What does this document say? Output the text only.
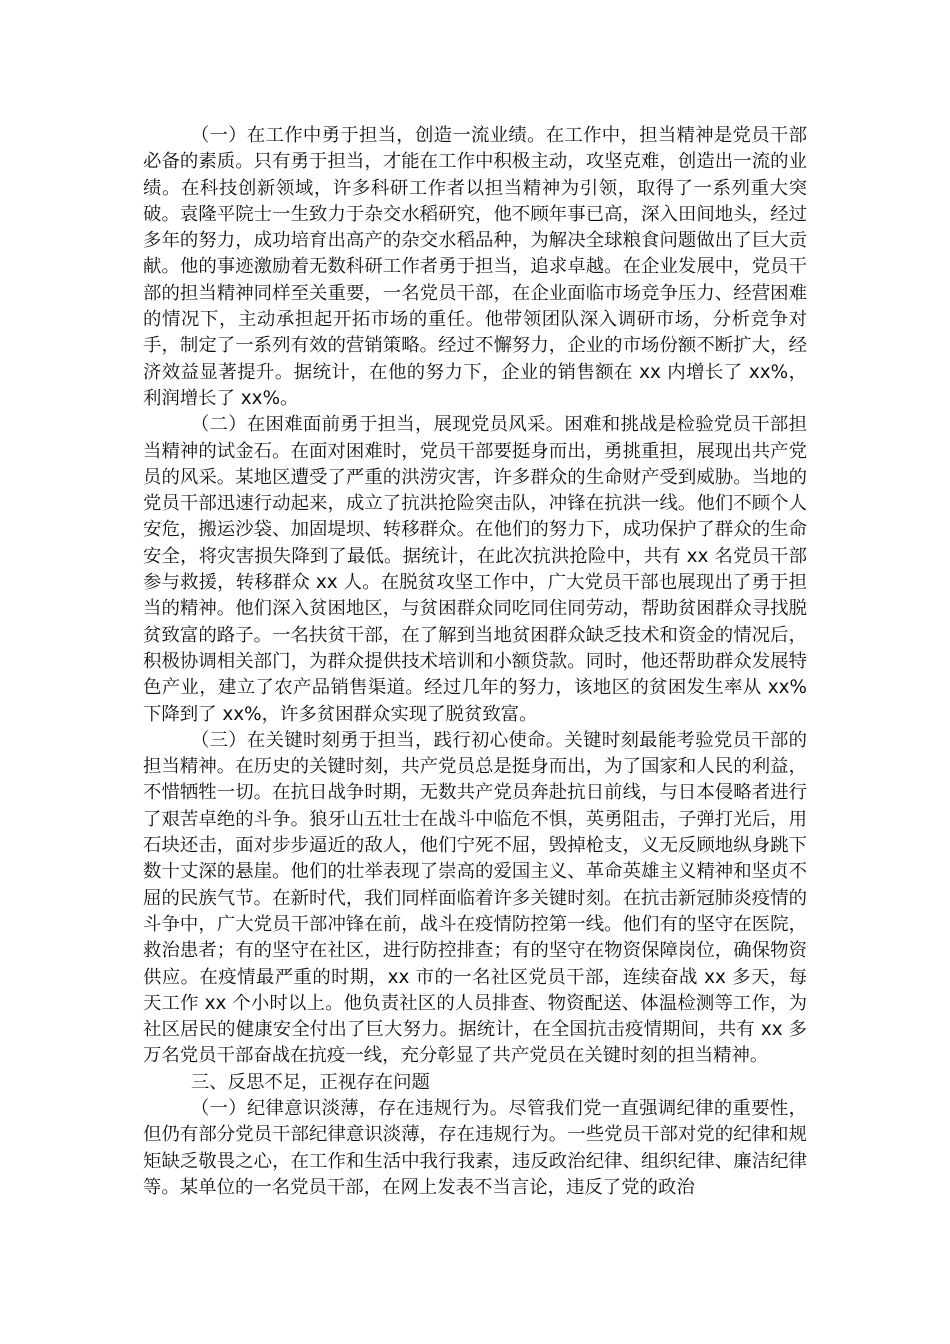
（一）在工作中勇于担当，创造一流业绩。在工作中，担当精神是党员干部必备的素质。只有勇于担当，才能在工作中积极主动，攻坚克难，创造出一流的业绩。在科技创新领域，许多科研工作者以担当精神为引领，取得了一系列重大突破。袁隆平院士一生致力于杂交水稻研究，他不顾年事已高，深入田间地头，经过多年的努力，成功培育出高产的杂交水稻品种，为解决全球粮食问题做出了巨大贡献。他的事迹激励着无数科研工作者勇于担当，追求卓越。在企业发展中，党员干部的担当精神同样至关重要，一名党员干部，在企业面临市场竞争压力、经营困难的情况下，主动承担起开拓市场的重任。他带领团队深入调研市场，分析竞争对手，制定了一系列有效的营销策略。经过不懈努力，企业的市场份额不断扩大，经济效益显著提升。据统计，在他的努力下，企业的销售额在 xx 内增长了 xx%，利润增长了 xx%。

（二）在困难面前勇于担当，展现党员风采。困难和挑战是检验党员干部担当精神的试金石。在面对困难时，党员干部要挺身而出，勇挑重担，展现出共产党员的风采。某地区遭受了严重的洪涝灾害，许多群众的生命财产受到威胁。当地的党员干部迅速行动起来，成立了抗洪抢险突击队，冲锋在抗洪一线。他们不顾个人安危，搬运沙袋、加固堤坝、转移群众。在他们的努力下，成功保护了群众的生命安全，将灾害损失降到了最低。据统计，在此次抗洪抢险中，共有 xx 名党员干部参与救援，转移群众 xx 人。在脱贫攻坚工作中，广大党员干部也展现出了勇于担当的精神。他们深入贫困地区，与贫困群众同吃同住同劳动，帮助贫困群众寻找脱贫致富的路子。一名扶贫干部，在了解到当地贫困群众缺乏技术和资金的情况后，积极协调相关部门，为群众提供技术培训和小额贷款。同时，他还帮助群众发展特色产业，建立了农产品销售渠道。经过几年的努力，该地区的贫困发生率从 xx%下降到了 xx%，许多贫困群众实现了脱贫致富。

（三）在关键时刻勇于担当，践行初心使命。关键时刻最能考验党员干部的担当精神。在历史的关键时刻，共产党员总是挺身而出，为了国家和人民的利益，不惜牺牲一切。在抗日战争时期，无数共产党员奔赴抗日前线，与日本侵略者进行了艰苦卓绝的斗争。狼牙山五壮士在战斗中临危不惧，英勇阻击，子弹打光后，用石块还击，面对步步逼近的敌人，他们宁死不屈，毁掉枪支，义无反顾地纵身跳下数十丈深的悬崖。他们的壮举表现了崇高的爱国主义、革命英雄主义精神和坚贞不屈的民族气节。在新时代，我们同样面临着许多关键时刻。在抗击新冠肺炎疫情的斗争中，广大党员干部冲锋在前，战斗在疫情防控第一线。他们有的坚守在医院，救治患者；有的坚守在社区，进行防控排查；有的坚守在物资保障岗位，确保物资供应。在疫情最严重的时期，xx 市的一名社区党员干部，连续奋战 xx 多天，每天工作 xx 个小时以上。他负责社区的人员排查、物资配送、体温检测等工作，为社区居民的健康安全付出了巨大努力。据统计，在全国抗击疫情期间，共有 xx 多万名党员干部奋战在抗疫一线，充分彰显了共产党员在关键时刻的担当精神。

三、反思不足，正视存在问题

（一）纪律意识淡薄，存在违规行为。尽管我们党一直强调纪律的重要性，但仍有部分党员干部纪律意识淡薄，存在违规行为。一些党员干部对党的纪律和规矩缺乏敬畏之心，在工作和生活中我行我素，违反政治纪律、组织纪律、廉洁纪律等。某单位的一名党员干部，在网上发表不当言论，违反了党的政治
